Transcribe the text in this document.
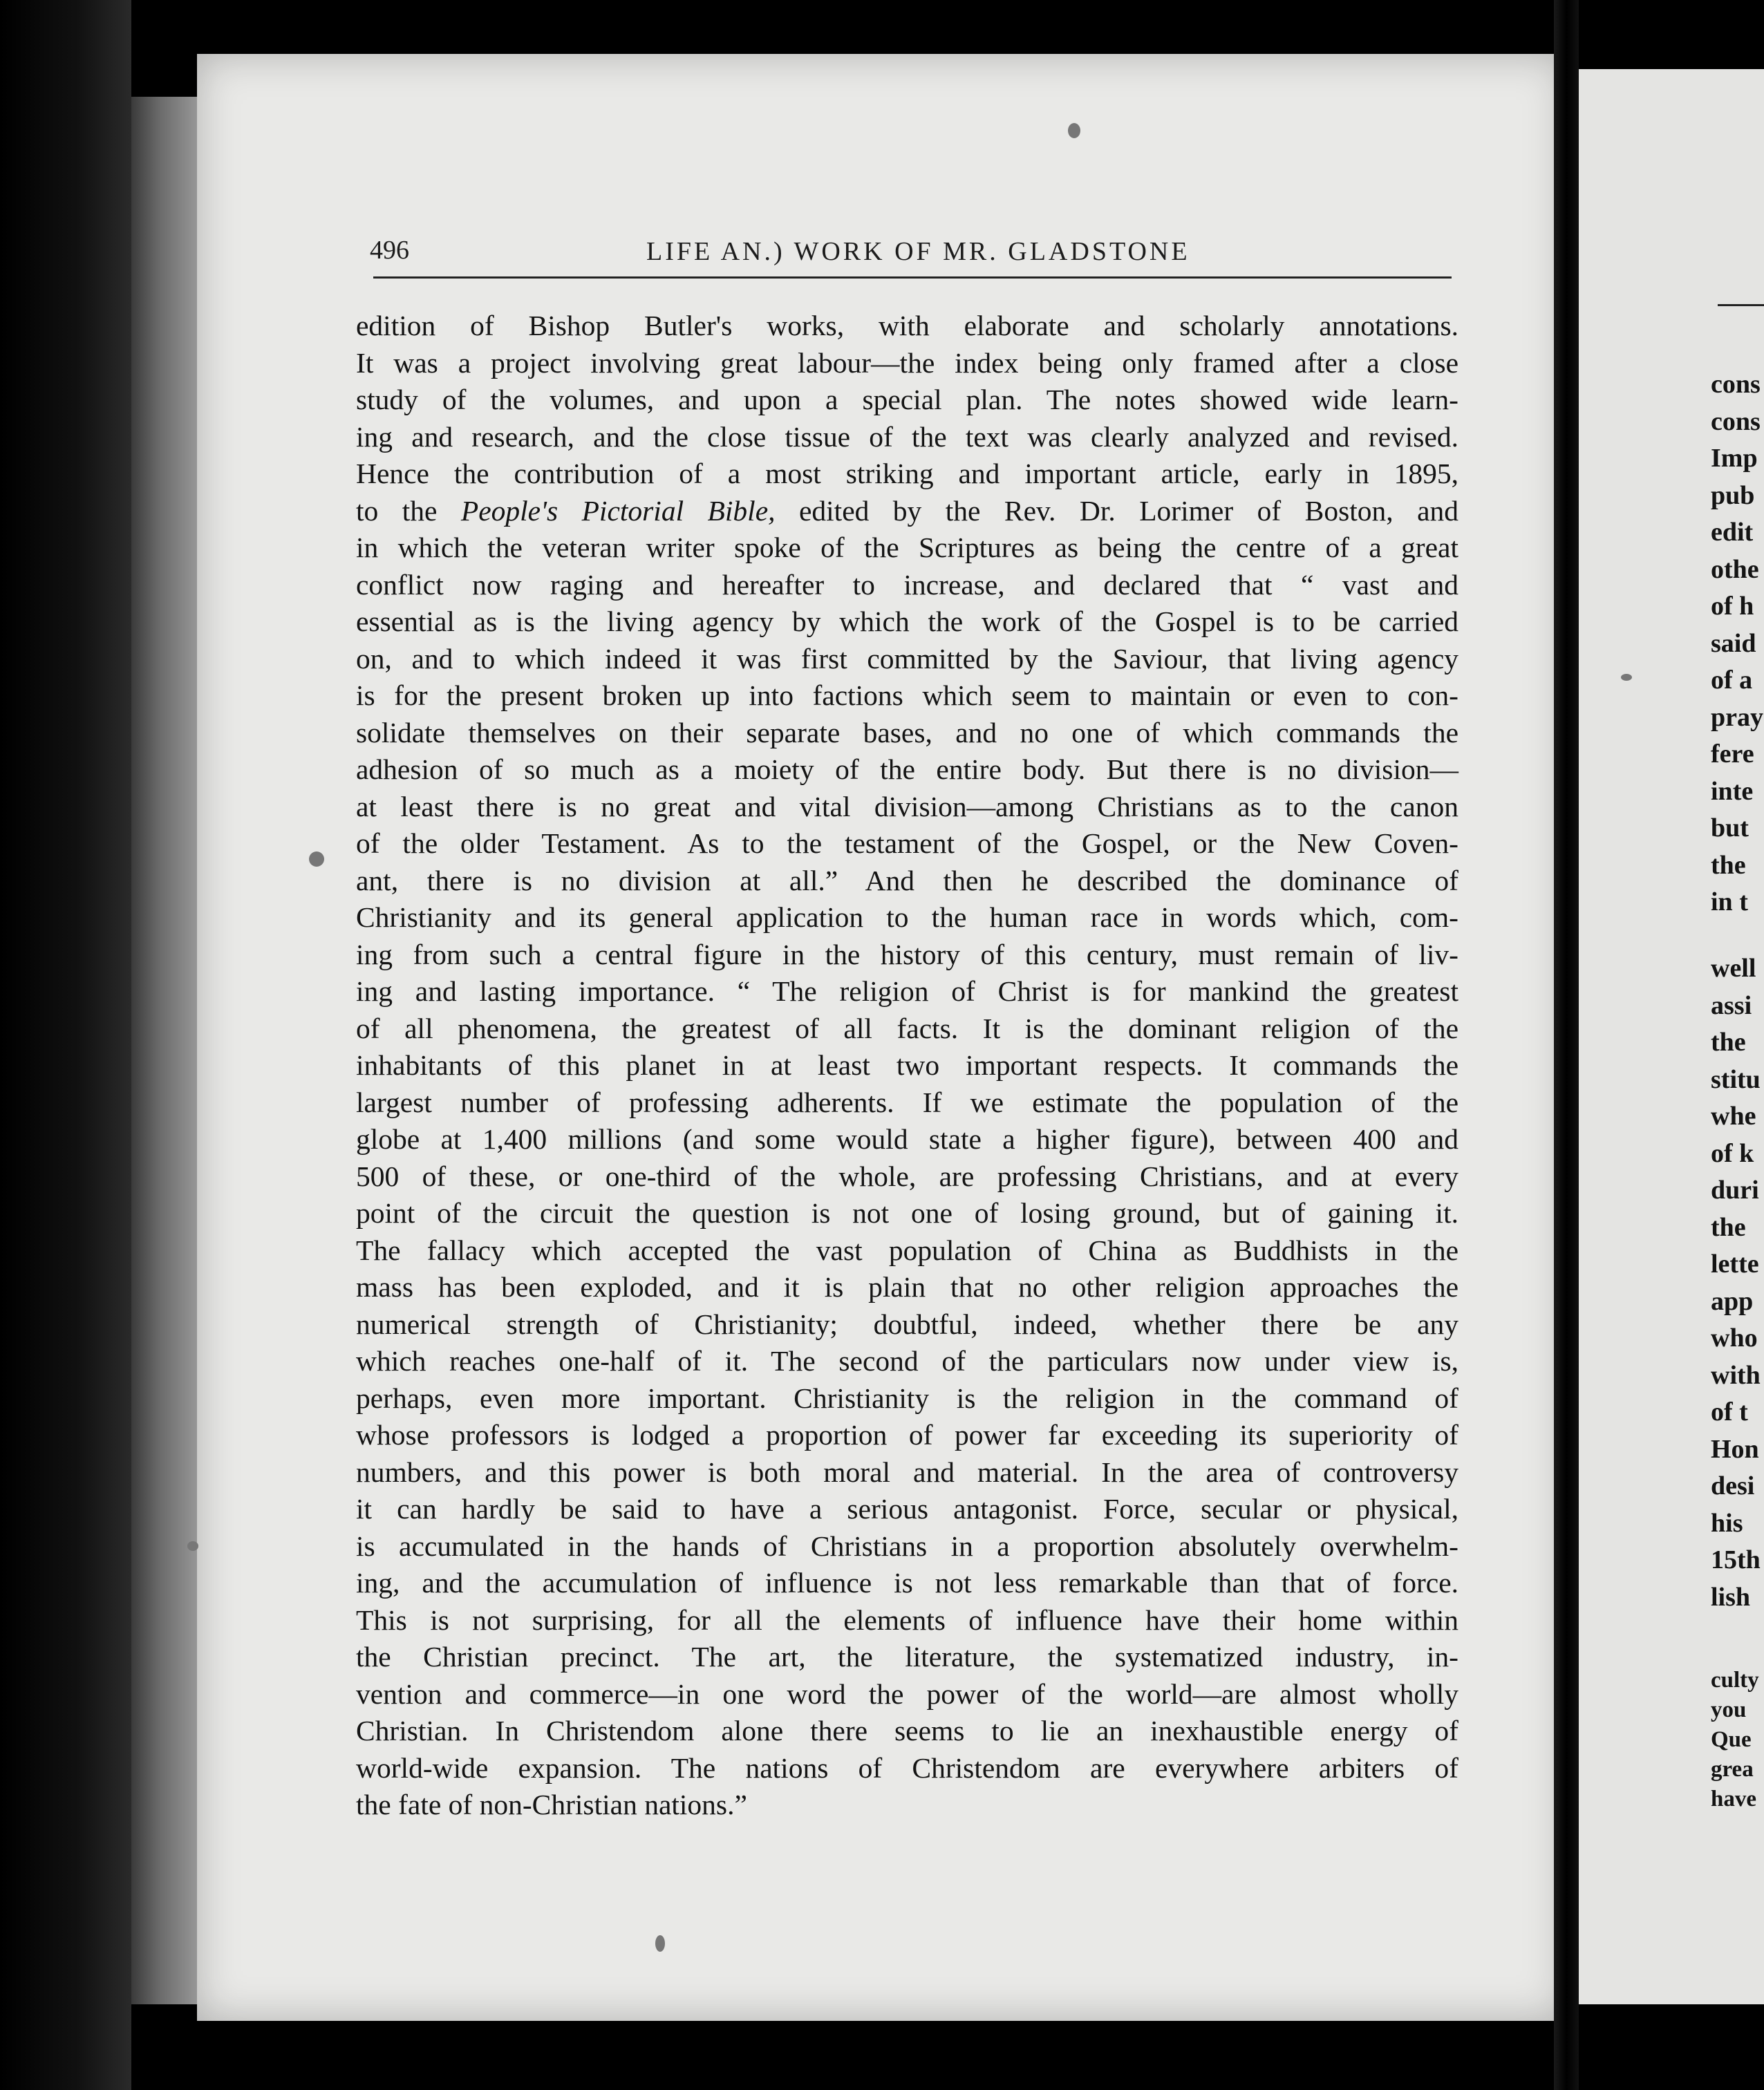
496	LIFE AN.) WORK OF MR. GLADSTONE
edition of Bishop Butler's works, with elaborate and scholarly annotations.
It was a project involving great labour—the index being only framed after a close
study of the volumes, and upon a special plan. The notes showed wide learn-
ing and research, and the close tissue of the text was clearly analyzed and revised.
Hence the contribution of a most striking and important article, early in 1895,
to the People's Pictorial Bible, edited by the Rev. Dr. Lorimer of Boston, and
in which the veteran writer spoke of the Scriptures as being the centre of a great
conflict now raging and hereafter to increase, and declared that “ vast and
essential as is the living agency by which the work of the Gospel is to be carried
on, and to which indeed it was first committed by the Saviour, that living agency
is for the present broken up into factions which seem to maintain or even to con-
solidate themselves on their separate bases, and no one of which commands the
adhesion of so much as a moiety of the entire body. But there is no division—
at least there is no great and vital division—among Christians as to the canon
of the older Testament. As to the testament of the Gospel, or the New Coven-
ant, there is no division at all.” And then he described the dominance of
Christianity and its general application to the human race in words which, com-
ing from such a central figure in the history of this century, must remain of liv-
ing and lasting importance. “ The religion of Christ is for mankind the greatest
of all phenomena, the greatest of all facts. It is the dominant religion of the
inhabitants of this planet in at least two important respects. It commands the
largest number of professing adherents. If we estimate the population of the
globe at 1,400 millions (and some would state a higher figure), between 400 and
500 of these, or one-third of the whole, are professing Christians, and at every
point of the circuit the question is not one of losing ground, but of gaining it.
The fallacy which accepted the vast population of China as Buddhists in the
mass has been exploded, and it is plain that no other religion approaches the
numerical strength of Christianity; doubtful, indeed, whether there be any
which reaches one-half of it. The second of the particulars now under view is,
perhaps, even more important. Christianity is the religion in the command of
whose professors is lodged a proportion of power far exceeding its superiority of
numbers, and this power is both moral and material. In the area of controversy
it can hardly be said to have a serious antagonist. Force, secular or physical,
is accumulated in the hands of Christians in a proportion absolutely overwhelm-
ing, and the accumulation of influence is not less remarkable than that of force.
This is not surprising, for all the elements of influence have their home within
the Christian precinct. The art, the literature, the systematized industry, in-
vention and commerce—in one word the power of the world—are almost wholly
Christian. In Christendom alone there seems to lie an inexhaustible energy of
world-wide expansion. The nations of Christendom are everywhere arbiters of
the fate of non-Christian nations.”
cons
cons
Imp
pub
edit
othe
of h
said
of a
pray
fere
inte
but
the
in t
well
assi
the
stitu
whe
of k
duri
the
lette
app
who
with
of t
Hon
desi
his
15th
lish
culty
you
Que
grea
have
